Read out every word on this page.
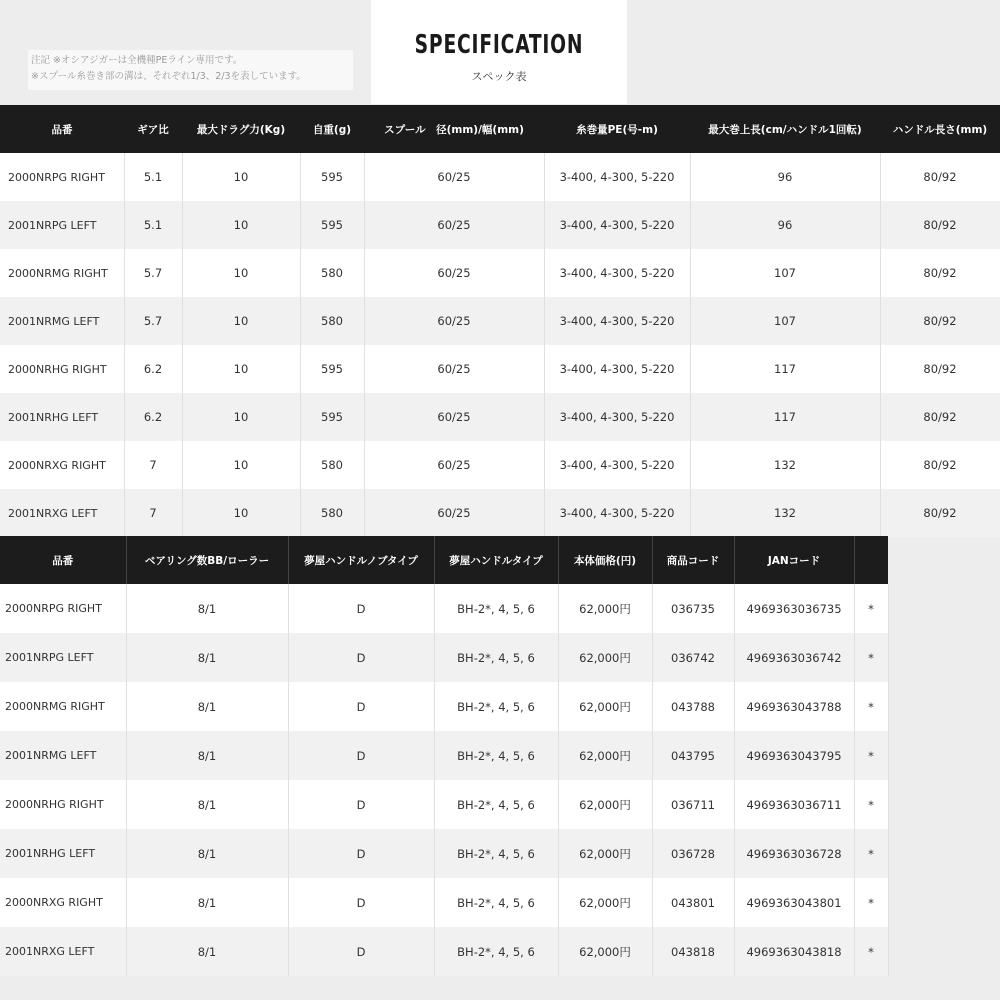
注記 ※オシアジガーは全機種PEライン専用です。
※スプール糸巻き部の溝は、それぞれ1/3、2/3を表しています。
SPECIFICATION
スペック表
品番	ギア比	最大ドラグ力(Kg)	自重(g)	スプール　径(mm)/幅(mm)	糸巻量PE(号-m)	最大巻上長(cm/ハンドル1回転)	ハンドル長さ(mm)
2000NRPG RIGHT	5.1	10	595	60/25	3-400, 4-300, 5-220	96	80/92
2001NRPG LEFT	5.1	10	595	60/25	3-400, 4-300, 5-220	96	80/92
2000NRMG RIGHT	5.7	10	580	60/25	3-400, 4-300, 5-220	107	80/92
2001NRMG LEFT	5.7	10	580	60/25	3-400, 4-300, 5-220	107	80/92
2000NRHG RIGHT	6.2	10	595	60/25	3-400, 4-300, 5-220	117	80/92
2001NRHG LEFT	6.2	10	595	60/25	3-400, 4-300, 5-220	117	80/92
2000NRXG RIGHT	7	10	580	60/25	3-400, 4-300, 5-220	132	80/92
2001NRXG LEFT	7	10	580	60/25	3-400, 4-300, 5-220	132	80/92
品番	ベアリング数BB/ローラー	夢屋ハンドルノブタイプ	夢屋ハンドルタイプ	本体価格(円)	商品コード	JANコード	
2000NRPG RIGHT	8/1	D	BH-2*, 4, 5, 6	62,000円	036735	4969363036735	*
2001NRPG LEFT	8/1	D	BH-2*, 4, 5, 6	62,000円	036742	4969363036742	*
2000NRMG RIGHT	8/1	D	BH-2*, 4, 5, 6	62,000円	043788	4969363043788	*
2001NRMG LEFT	8/1	D	BH-2*, 4, 5, 6	62,000円	043795	4969363043795	*
2000NRHG RIGHT	8/1	D	BH-2*, 4, 5, 6	62,000円	036711	4969363036711	*
2001NRHG LEFT	8/1	D	BH-2*, 4, 5, 6	62,000円	036728	4969363036728	*
2000NRXG RIGHT	8/1	D	BH-2*, 4, 5, 6	62,000円	043801	4969363043801	*
2001NRXG LEFT	8/1	D	BH-2*, 4, 5, 6	62,000円	043818	4969363043818	*
